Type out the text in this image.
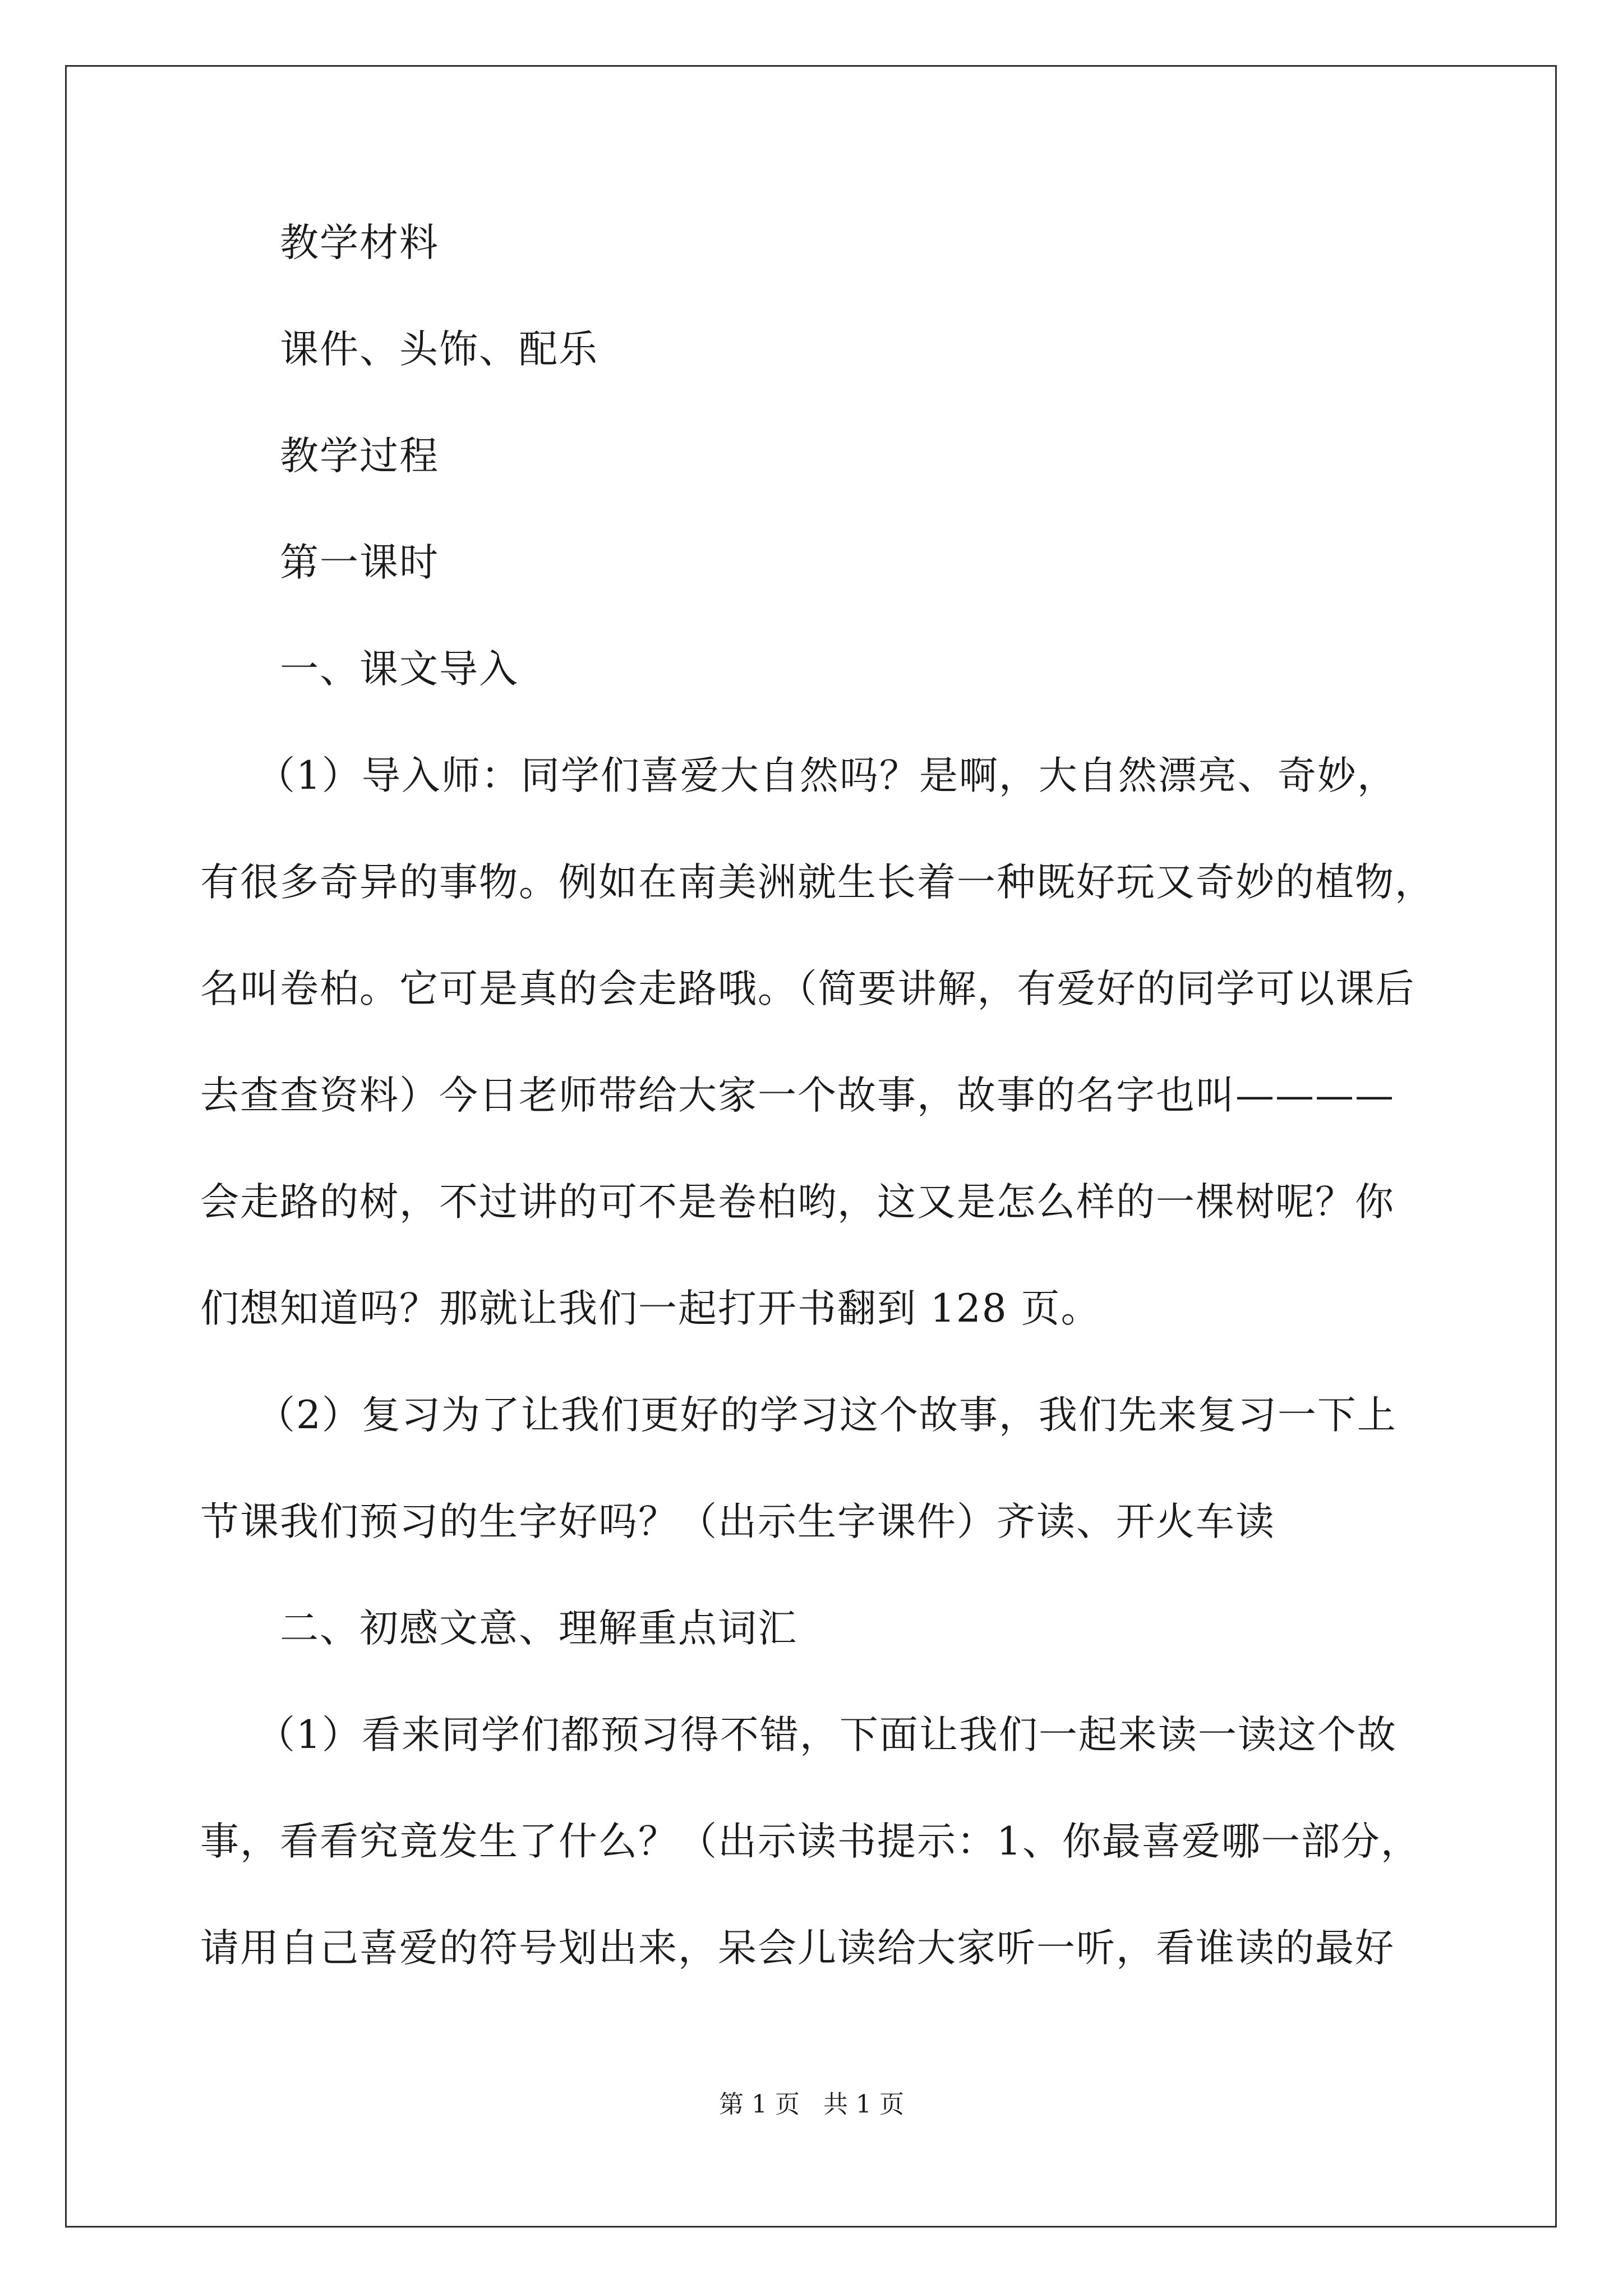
教学材料
课件、头饰、配乐
教学过程
第一课时
一、课文导入
（1）导入师：同学们喜爱大自然吗？是啊，大自然漂亮、奇妙，
有很多奇异的事物。例如在南美洲就生长着一种既好玩又奇妙的植物，
名叫卷柏。它可是真的会走路哦。（简要讲解，有爱好的同学可以课后
去查查资料）今日老师带给大家一个故事，故事的名字也叫————
会走路的树，不过讲的可不是卷柏哟，这又是怎么样的一棵树呢？你
们想知道吗？那就让我们一起打开书翻到 128 页。
（2）复习为了让我们更好的学习这个故事，我们先来复习一下上
节课我们预习的生字好吗？（出示生字课件）齐读、开火车读
二、初感文意、理解重点词汇
（1）看来同学们都预习得不错，下面让我们一起来读一读这个故
事，看看究竟发生了什么？（出示读书提示：1、你最喜爱哪一部分，
请用自己喜爱的符号划出来，呆会儿读给大家听一听，看谁读的最好
第 1 页   共 1 页
